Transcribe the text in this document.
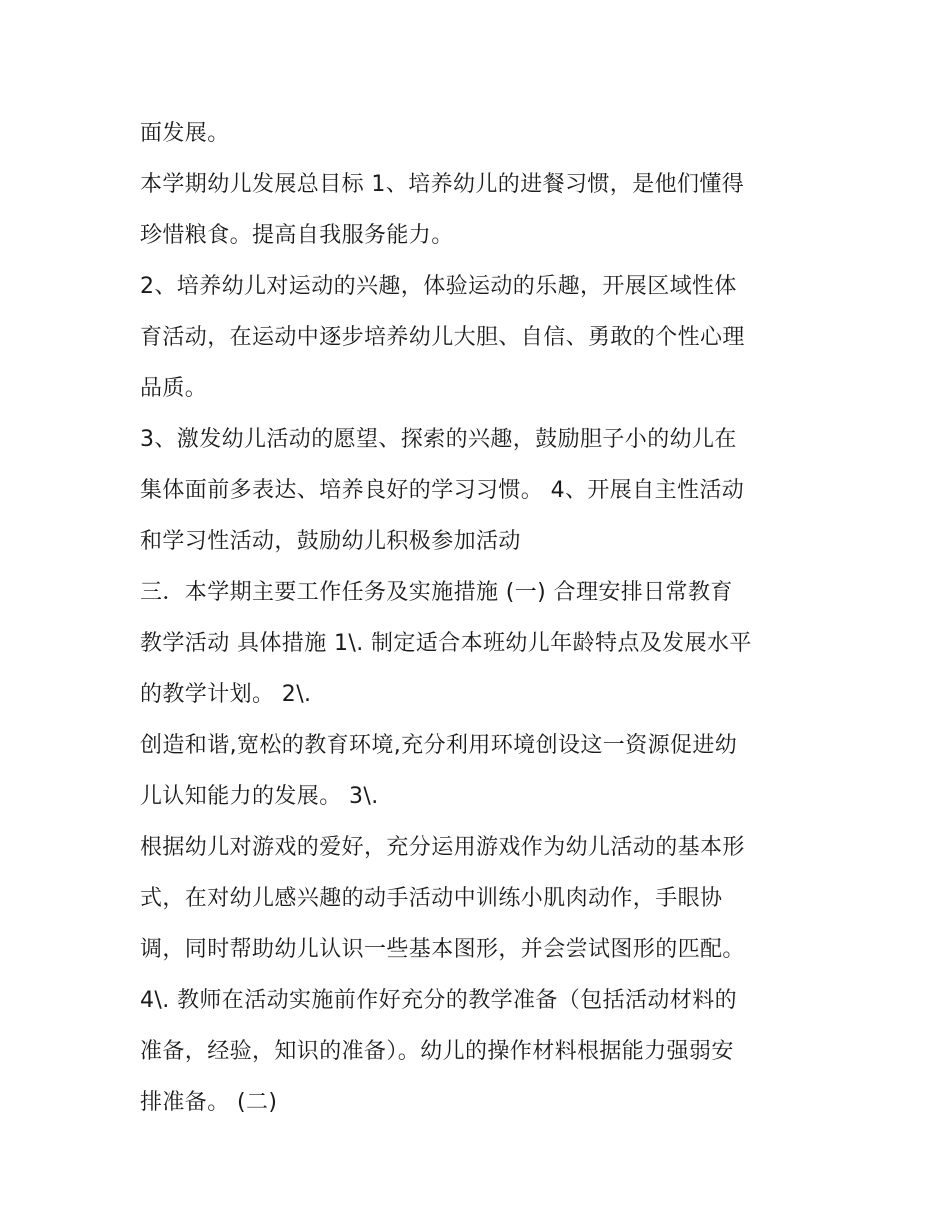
面发展。
本学期幼儿发展总目标 1、培养幼儿的进餐习惯，是他们懂得
珍惜粮食。提高自我服务能力。
2、培养幼儿对运动的兴趣，体验运动的乐趣，开展区域性体
育活动，在运动中逐步培养幼儿大胆、自信、勇敢的个性心理
品质。
3、激发幼儿活动的愿望、探索的兴趣，鼓励胆子小的幼儿在
集体面前多表达、培养良好的学习习惯。 4、开展自主性活动
和学习性活动，鼓励幼儿积极参加活动
三．本学期主要工作任务及实施措施 (一) 合理安排日常教育
教学活动 具体措施 1\. 制定适合本班幼儿年龄特点及发展水平
的教学计划。 2\.
创造和谐,宽松的教育环境,充分利用环境创设这一资源促进幼
儿认知能力的发展。 3\.
根据幼儿对游戏的爱好，充分运用游戏作为幼儿活动的基本形
式，在对幼儿感兴趣的动手活动中训练小肌肉动作，手眼协
调，同时帮助幼儿认识一些基本图形，并会尝试图形的匹配。
4\. 教师在活动实施前作好充分的教学准备（包括活动材料的
准备，经验，知识的准备）。幼儿的操作材料根据能力强弱安
排准备。 (二)
